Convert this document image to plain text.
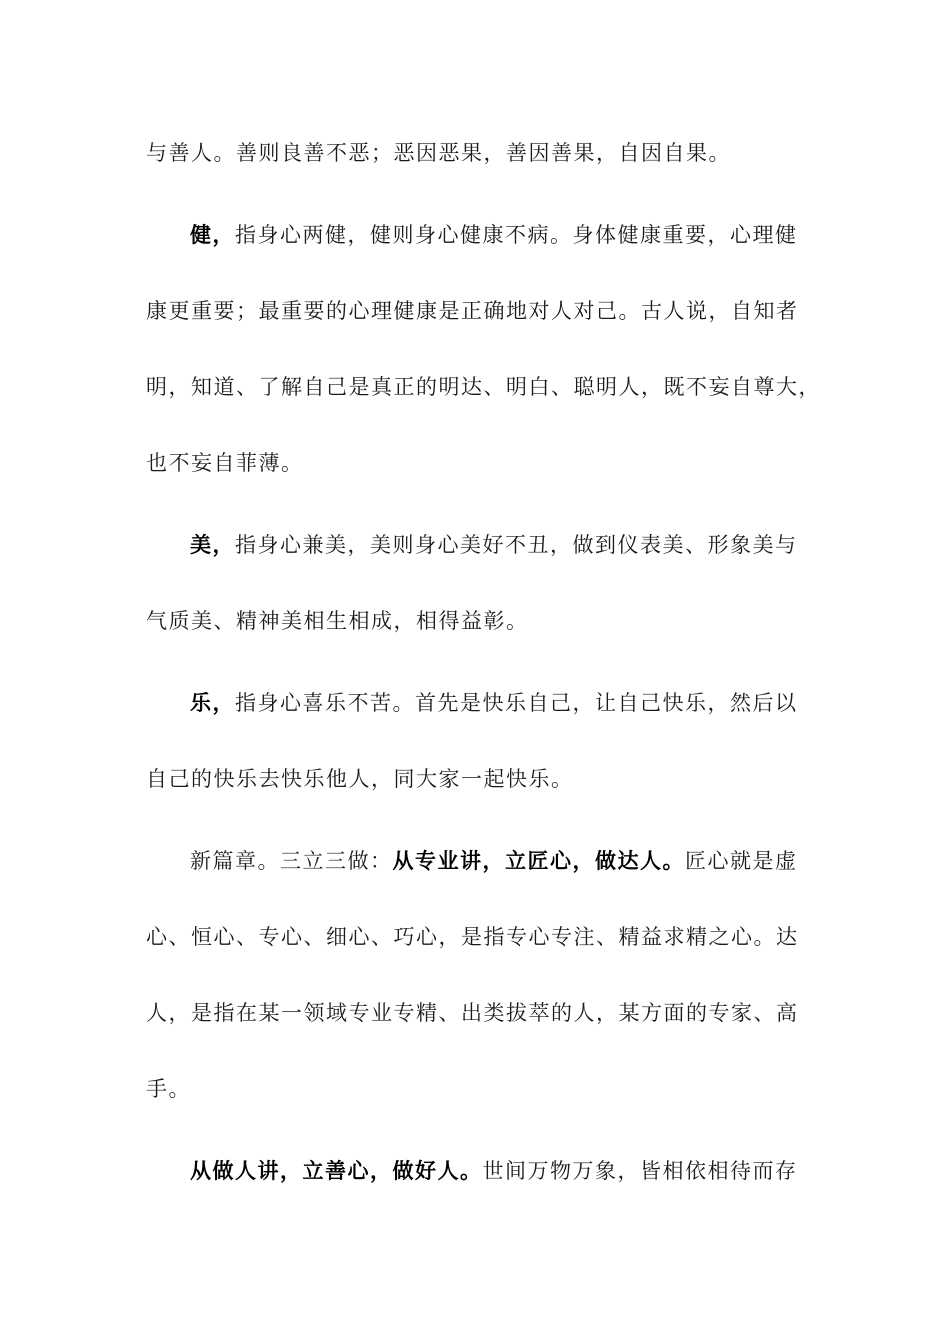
与善人。善则良善不恶；恶因恶果，善因善果，自因自果。
健，指身心两健，健则身心健康不病。身体健康重要，心理健
康更重要；最重要的心理健康是正确地对人对己。古人说，自知者
明，知道、了解自己是真正的明达、明白、聪明人，既不妄自尊大，
也不妄自菲薄。
美，指身心兼美，美则身心美好不丑，做到仪表美、形象美与
气质美、精神美相生相成，相得益彰。
乐，指身心喜乐不苦。首先是快乐自己，让自己快乐，然后以
自己的快乐去快乐他人，同大家一起快乐。
新篇章。三立三做：从专业讲，立匠心，做达人。匠心就是虚
心、恒心、专心、细心、巧心，是指专心专注、精益求精之心。达
人，是指在某一领域专业专精、出类拔萃的人，某方面的专家、高
手。
从做人讲，立善心，做好人。世间万物万象，皆相依相待而存
